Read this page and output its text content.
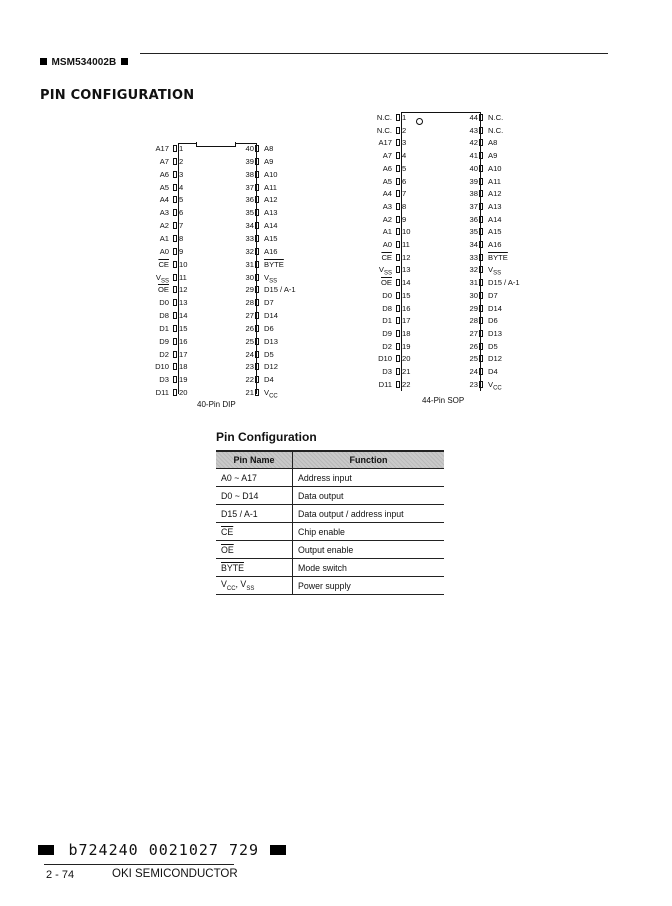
MSM534002B
PIN CONFIGURATION
A17 1
A7 2
A6 3
A5 4
A4 5
A3 6
A2 7
A1 8
A0 9
$\overline{CE}$ 10
$V_{SS}$ 11
$\overline{OE}$ 12
D0 13
D8 14
D1 15
D9 16
D2 17
D10 18
D3 19
D11 20
40 A8
39 A9
38 A10
37 A11
36 A12
35 A13
34 A14
33 A15
32 A16
31 BYTE
30 $V_{SS}$
29 D15 / A-1
28 D7
27 D14
26 D6
25 D13
24 D5
23 D12
22 D4
21 $V_{CC}$
40-Pin DIP
N.C. 1
N.C. 2
A17 3
A7 4
A6 5
A5 6
A4 7
A3 8
A2 9
A1 10
A0 11
$\overline{CE}$ 12
$V_{SS}$ 13
$\overline{OE}$ 14
D0 15
D8 16
D1 17
D9 18
D2 19
D10 20
D3 21
D11 22
44 N.C.
43 N.C.
42 A8
41 A9
40 A10
39 A11
38 A12
37 A13
36 A14
35 A15
34 A16
33 BYTE
32 $V_{SS}$
31 D15 / A-1
30 D7
29 D14
28 D6
27 D13
26 D5
25 D12
24 D4
23 $V_{CC}$
44-Pin SOP
Pin Configuration
Pin Name	Function
A0 ~ A17	Address input
D0 ~ D14	Data output
D15 / A-1	Data output / address input
$\overline{CE}$	Chip enable
$\overline{OE}$	Output enable
BYTE	Mode switch
$V_{CC}$, $V_{SS}$	Power supply
b724240 0021027 729
2 - 74	OKI SEMICONDUCTOR
